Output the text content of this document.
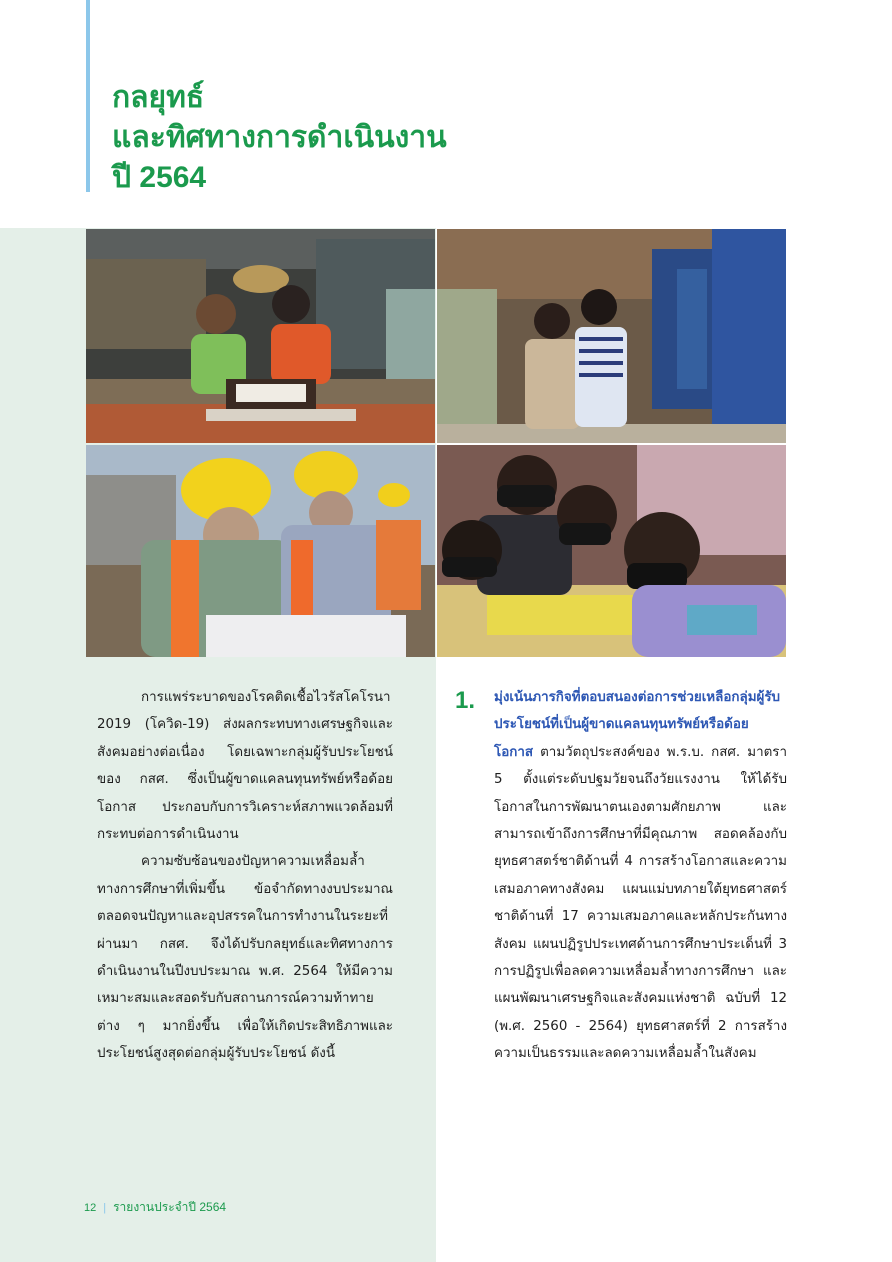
กลยุทธ์
และทิศทางการดำเนินงาน
ปี 2564

การแพร่ระบาดของโรคติดเชื้อไวรัสโคโรนา 2019 (โควิด-19) ส่งผลกระทบทางเศรษฐกิจและสังคมอย่างต่อเนื่อง โดยเฉพาะกลุ่มผู้รับประโยชน์ของ กสศ. ซึ่งเป็นผู้ขาดแคลนทุนทรัพย์หรือด้อยโอกาส ประกอบกับการวิเคราะห์สภาพแวดล้อมที่กระทบต่อการดำเนินงาน

ความซับซ้อนของปัญหาความเหลื่อมล้ำทางการศึกษาที่เพิ่มขึ้น ข้อจำกัดทางงบประมาณ ตลอดจนปัญหาและอุปสรรคในการทำงานในระยะที่ผ่านมา กสศ. จึงได้ปรับกลยุทธ์และทิศทางการดำเนินงานในปีงบประมาณ พ.ศ. 2564 ให้มีความเหมาะสมและสอดรับกับสถานการณ์ความท้าทายต่าง ๆ มากยิ่งขึ้น เพื่อให้เกิดประสิทธิภาพและประโยชน์สูงสุดต่อกลุ่มผู้รับประโยชน์ ดังนี้

1. มุ่งเน้นภารกิจที่ตอบสนองต่อการช่วยเหลือกลุ่มผู้รับประโยชน์ที่เป็นผู้ขาดแคลนทุนทรัพย์หรือด้อยโอกาส ตามวัตถุประสงค์ของ พ.ร.บ. กสศ. มาตรา 5 ตั้งแต่ระดับปฐมวัยจนถึงวัยแรงงาน ให้ได้รับโอกาสในการพัฒนาตนเองตามศักยภาพ และสามารถเข้าถึงการศึกษาที่มีคุณภาพ สอดคล้องกับยุทธศาสตร์ชาติด้านที่ 4 การสร้างโอกาสและความเสมอภาคทางสังคม แผนแม่บทภายใต้ยุทธศาสตร์ชาติด้านที่ 17 ความเสมอภาคและหลักประกันทางสังคม แผนปฏิรูปประเทศด้านการศึกษาประเด็นที่ 3 การปฏิรูปเพื่อลดความเหลื่อมล้ำทางการศึกษา และแผนพัฒนาเศรษฐกิจและสังคมแห่งชาติ ฉบับที่ 12 (พ.ศ. 2560 - 2564) ยุทธศาสตร์ที่ 2 การสร้างความเป็นธรรมและลดความเหลื่อมล้ำในสังคม
12 | รายงานประจำปี 2564
